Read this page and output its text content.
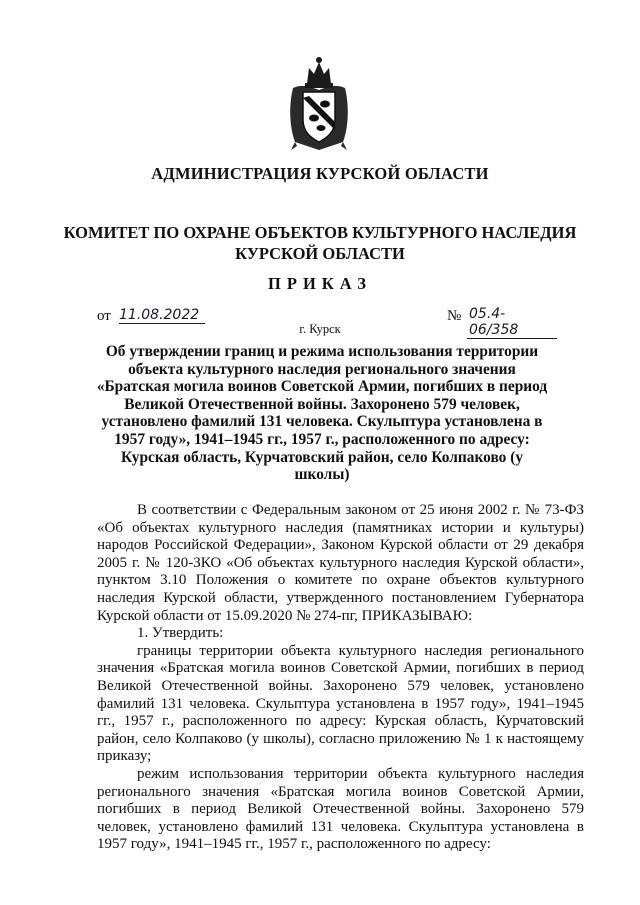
АДМИНИСТРАЦИЯ КУРСКОЙ ОБЛАСТИ
КОМИТЕТ ПО ОХРАНЕ ОБЪЕКТОВ КУЛЬТУРНОГО НАСЛЕДИЯ
КУРСКОЙ ОБЛАСТИ
ПРИКАЗ
от 11.08.2022	№ 05.4-06/358
г. Курск
Об утверждении границ и режима использования территории объекта культурного наследия регионального значения «Братская могила воинов Советской Армии, погибших в период Великой Отечественной войны. Захоронено 579 человек, установлено фамилий 131 человека. Скульптура установлена в 1957 году», 1941–1945 гг., 1957 г., расположенного по адресу: Курская область, Курчатовский район, село Колпаково (у школы)

В соответствии с Федеральным законом от 25 июня 2002 г. № 73-ФЗ «Об объектах культурного наследия (памятниках истории и культуры) народов Российской Федерации», Законом Курской области от 29 декабря 2005 г. № 120-ЗКО «Об объектах культурного наследия Курской области», пунктом 3.10 Положения о комитете по охране объектов культурного наследия Курской области, утвержденного постановлением Губернатора Курской области от 15.09.2020 № 274-пг, ПРИКАЗЫВАЮ:

1. Утвердить:

границы территории объекта культурного наследия регионального значения «Братская могила воинов Советской Армии, погибших в период Великой Отечественной войны. Захоронено 579 человек, установлено фамилий 131 человека. Скульптура установлена в 1957 году», 1941–1945 гг., 1957 г., расположенного по адресу: Курская область, Курчатовский район, село Колпаково (у школы), согласно приложению № 1 к настоящему приказу;

режим использования территории объекта культурного наследия регионального значения «Братская могила воинов Советской Армии, погибших в период Великой Отечественной войны. Захоронено 579 человек, установлено фамилий 131 человека. Скульптура установлена в 1957 году», 1941–1945 гг., 1957 г., расположенного по адресу:
